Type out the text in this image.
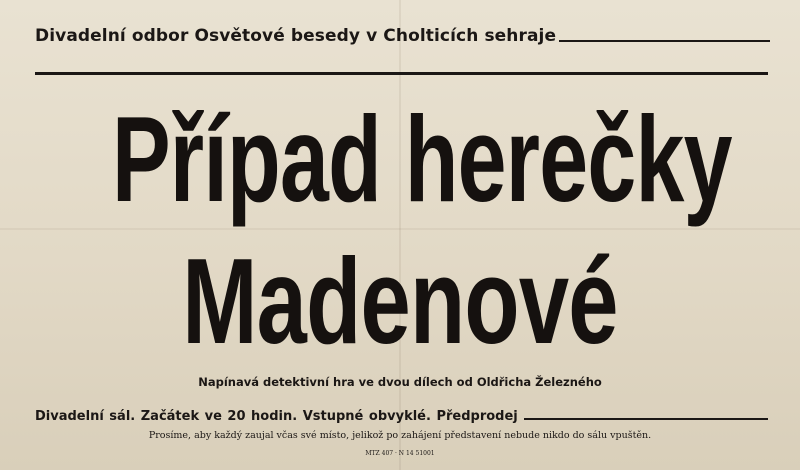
Divadelní odbor Osvětové besedy v Cholticích sehraje
Případ herečky
Madenové
Napínavá detektivní hra ve dvou dílech od Oldřicha Železného
Divadelní sál. Začátek ve 20 hodin. Vstupné obvyklé. Předprodej
Prosíme, aby každý zaujal včas své místo, jelikož po zahájení představení nebude nikdo do sálu vpuštěn.
MTZ 407 · N 14 51001
